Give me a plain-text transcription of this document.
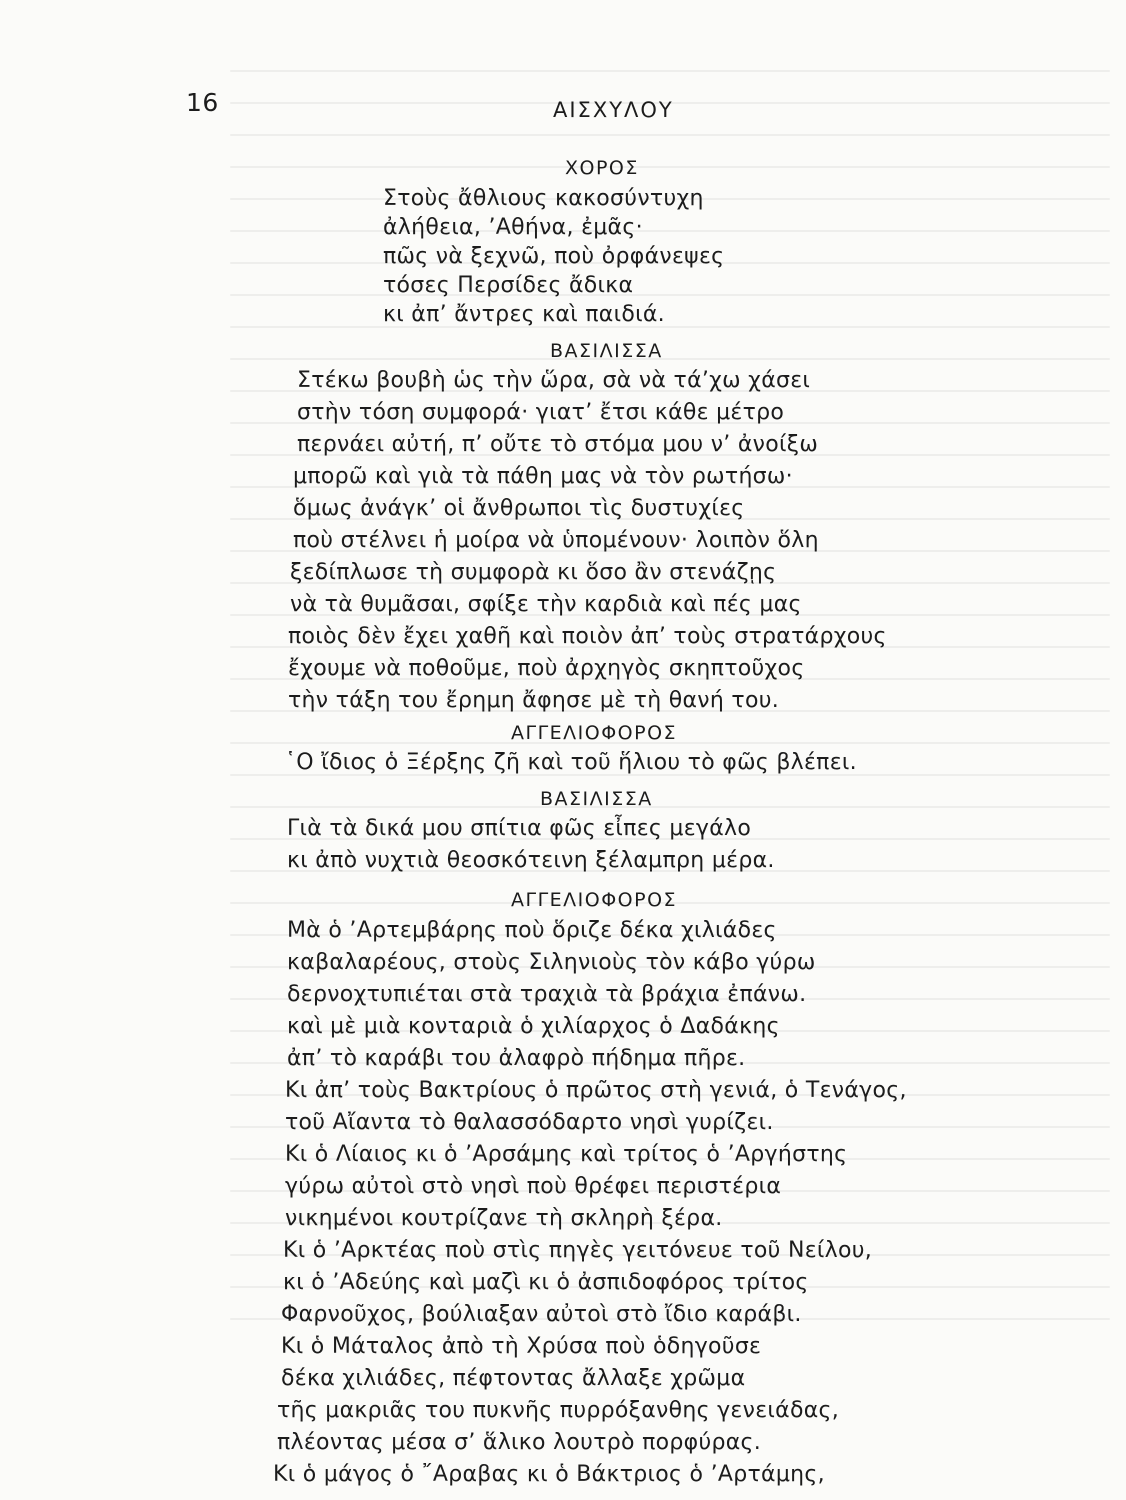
16	ΑΙΣΧΥΛΟΥ
ΧΟΡΟΣ
Στοὺς ἄθλιους κακοσύντυχη
ἀλήθεια, ’Αθήνα, ἐμᾶς·
πῶς νὰ ξεχνῶ, ποὺ ὀρφάνεψες
τόσες Περσίδες ἄδικα
κι ἀπ’ ἄντρες καὶ παιδιά.
ΒΑΣΙΛΙΣΣΑ
Στέκω βουβὴ ὡς τὴν ὥρα, σὰ νὰ τά’χω χάσει
στὴν τόση συμφορά· γιατ’ ἔτσι κάθε μέτρο
περνάει αὐτή, π’ οὔτε τὸ στόμα μου ν’ ἀνοίξω
μπορῶ καὶ γιὰ τὰ πάθη μας νὰ τὸν ρωτήσω·
ὅμως ἀνάγκ’ οἱ ἄνθρωποι τὶς δυστυχίες
ποὺ στέλνει ἡ μοίρα νὰ ὑπομένουν· λοιπὸν ὅλη
ξεδίπλωσε τὴ συμφορὰ κι ὅσο ἂν στενάζῃς
νὰ τὰ θυμᾶσαι, σφίξε τὴν καρδιὰ καὶ πές μας
ποιὸς δὲν ἔχει χαθῆ καὶ ποιὸν ἀπ’ τοὺς στρατάρχους
ἔχουμε νὰ ποθοῦμε, ποὺ ἀρχηγὸς σκηπτοῦχος
τὴν τάξη του ἔρημη ἄφησε μὲ τὴ θανή του.
ΑΓΓΕΛΙΟΦΟΡΟΣ
῾Ο ἴδιος ὁ Ξέρξης ζῆ καὶ τοῦ ἥλιου τὸ φῶς βλέπει.
ΒΑΣΙΛΙΣΣΑ
Γιὰ τὰ δικά μου σπίτια φῶς εἶπες μεγάλο
κι ἀπὸ νυχτιὰ θεοσκότεινη ξέλαμπρη μέρα.
ΑΓΓΕΛΙΟΦΟΡΟΣ
Μὰ ὁ ’Αρτεμβάρης ποὺ ὅριζε δέκα χιλιάδες
καβαλαρέους, στοὺς Σιληνιοὺς τὸν κάβο γύρω
δερνοχτυπιέται στὰ τραχιὰ τὰ βράχια ἐπάνω.
καὶ μὲ μιὰ κονταριὰ ὁ χιλίαρχος ὁ Δαδάκης
ἀπ’ τὸ καράβι του ἀλαφρὸ πήδημα πῆρε.
Κι ἀπ’ τοὺς Βακτρίους ὁ πρῶτος στὴ γενιά, ὁ Τενάγος,
τοῦ Αἴαντα τὸ θαλασσόδαρτο νησὶ γυρίζει.
Κι ὁ Λίαιος κι ὁ ’Αρσάμης καὶ τρίτος ὁ ’Αργήστης
γύρω αὐτοὶ στὸ νησὶ ποὺ θρέφει περιστέρια
νικημένοι κουτρίζανε τὴ σκληρὴ ξέρα.
Κι ὁ ’Αρκτέας ποὺ στὶς πηγὲς γειτόνευε τοῦ Νείλου,
κι ὁ ’Αδεύης καὶ μαζὶ κι ὁ ἀσπιδοφόρος τρίτος
Φαρνοῦχος, βούλιαξαν αὐτοὶ στὸ ἴδιο καράβι.
Κι ὁ Μάταλος ἀπὸ τὴ Χρύσα ποὺ ὁδηγοῦσε
δέκα χιλιάδες, πέφτοντας ἄλλαξε χρῶμα
τῆς μακριᾶς του πυκνῆς πυρρόξανθης γενειάδας,
πλέοντας μέσα σ’ ἅλικο λουτρὸ πορφύρας.
Κι ὁ μάγος ὁ ῎Αραβας κι ὁ Βάκτριος ὁ ’Αρτάμης,
